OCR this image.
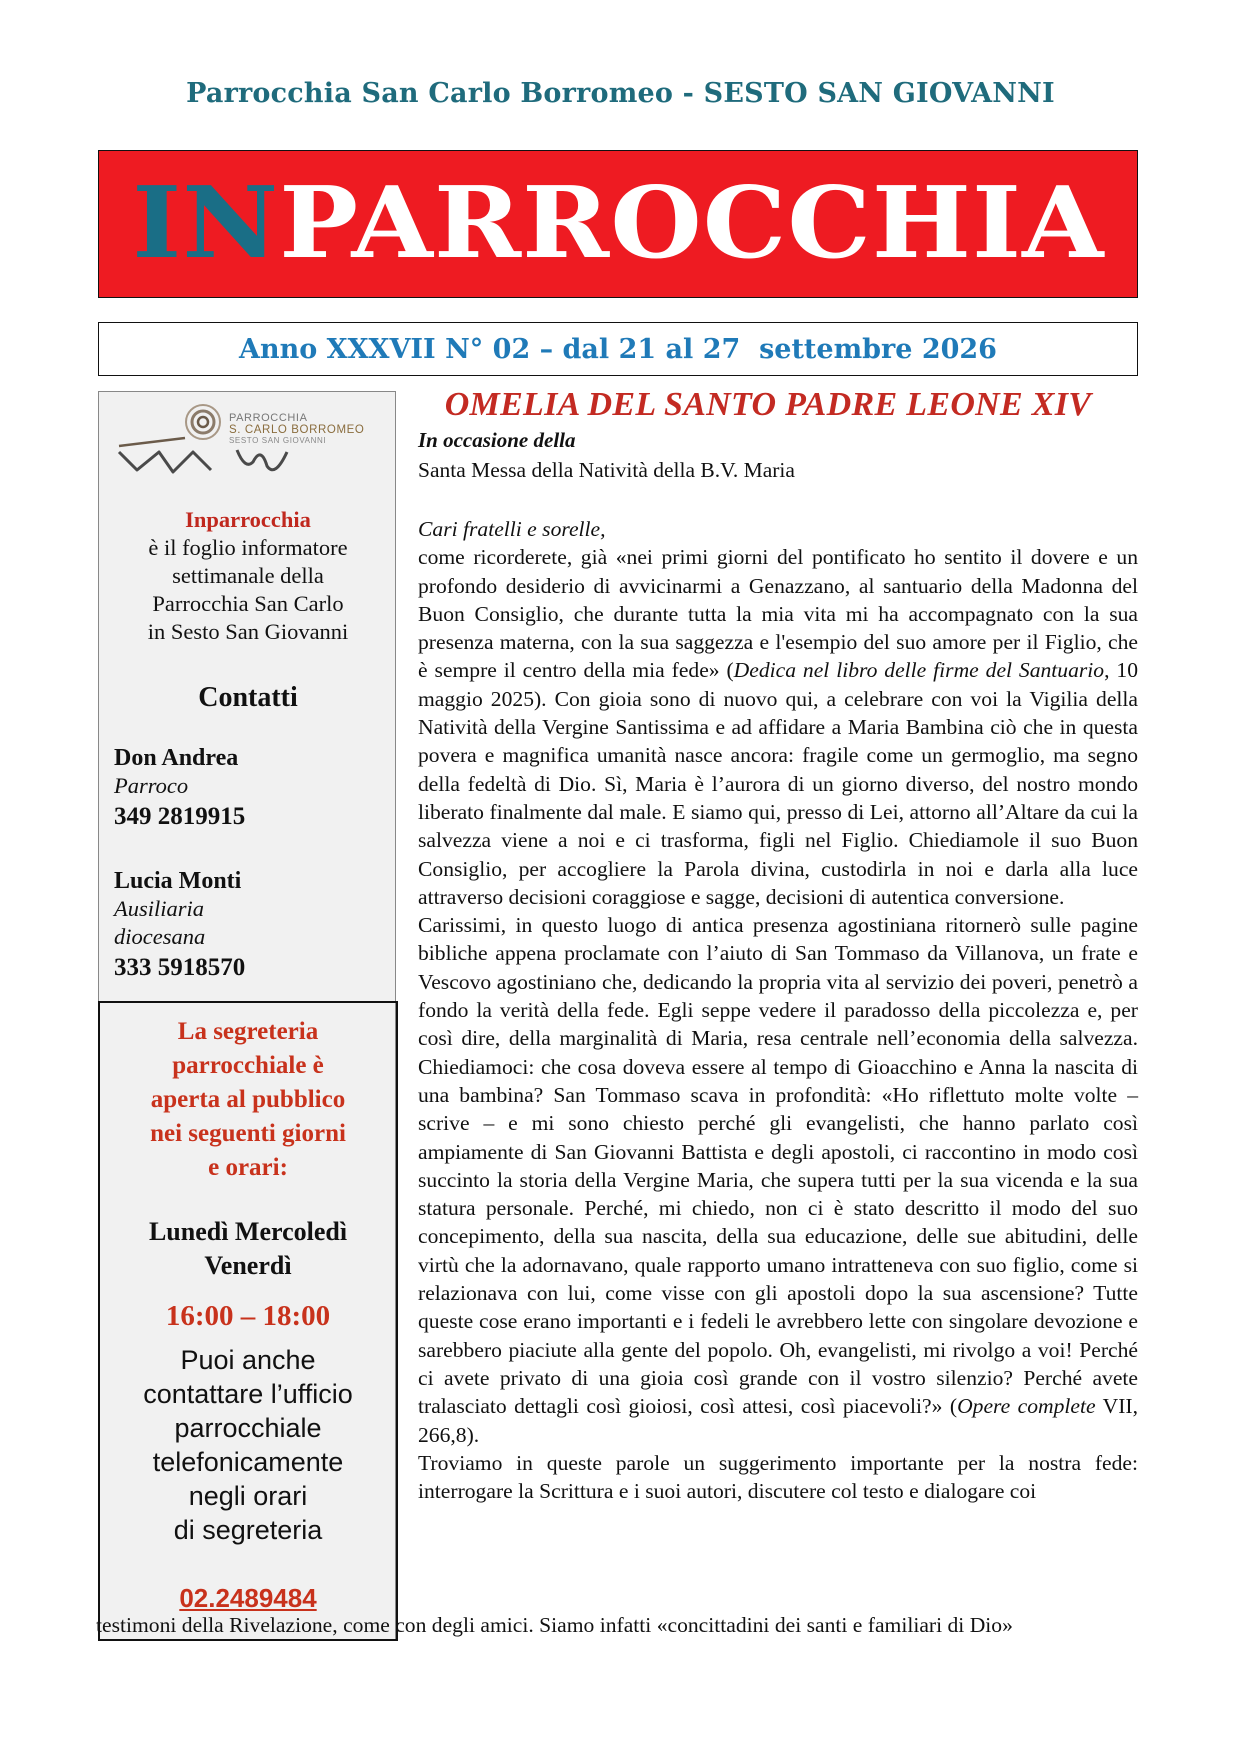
Parrocchia San Carlo Borromeo - SESTO SAN GIOVANNI
INPARROCCHIA
Anno XXXVII N° 02 – dal 21 al 27  settembre 2026
PARROCCHIA
S. CARLO BORROMEO
SESTO SAN GIOVANNI
Inparrocchia
è il foglio informatore
settimanale della
Parrocchia San Carlo
in Sesto San Giovanni
Contatti
Don Andrea
Parroco
349 2819915
Lucia Monti
Ausiliaria
diocesana
333 5918570
La segreteria
parrocchiale è
aperta al pubblico
nei seguenti giorni
e orari:
Lunedì Mercoledì
Venerdì
16:00 – 18:00
Puoi anche
contattare l’ufficio
parrocchiale
telefonicamente
negli orari
di segreteria
02.2489484
OMELIA DEL SANTO PADRE LEONE XIV
In occasione della
Santa Messa della Natività della B.V. Maria

Cari fratelli e sorelle,

come ricorderete, già «nei primi giorni del pontificato ho sentito il dovere e un profondo desiderio di avvicinarmi a Genazzano, al santuario della Madonna del Buon Consiglio, che durante tutta la mia vita mi ha accompagnato con la sua presenza materna, con la sua saggezza e l'esempio del suo amore per il Figlio, che è sempre il centro della mia fede» (Dedica nel libro delle firme del Santuario, 10 maggio 2025). Con gioia sono di nuovo qui, a celebrare con voi la Vigilia della Natività della Vergine Santissima e ad affidare a Maria Bambina ciò che in questa povera e magnifica umanità nasce ancora: fragile come un germoglio, ma segno della fedeltà di Dio. Sì, Maria è l’aurora di un giorno diverso, del nostro mondo liberato finalmente dal male. E siamo qui, presso di Lei, attorno all’Altare da cui la salvezza viene a noi e ci trasforma, figli nel Figlio. Chiediamole il suo Buon Consiglio, per accogliere la Parola divina, custodirla in noi e darla alla luce attraverso decisioni coraggiose e sagge, decisioni di autentica conversione.

Carissimi, in questo luogo di antica presenza agostiniana ritornerò sulle pagine bibliche appena proclamate con l’aiuto di San Tommaso da Villanova, un frate e Vescovo agostiniano che, dedicando la propria vita al servizio dei poveri, penetrò a fondo la verità della fede. Egli seppe vedere il paradosso della piccolezza e, per così dire, della marginalità di Maria, resa centrale nell’economia della salvezza. Chiediamoci: che cosa doveva essere al tempo di Gioacchino e Anna la nascita di una bambina? San Tommaso scava in profondità: «Ho riflettuto molte volte – scrive – e mi sono chiesto perché gli evangelisti, che hanno parlato così ampiamente di San Giovanni Battista e degli apostoli, ci raccontino in modo così succinto la storia della Vergine Maria, che supera tutti per la sua vicenda e la sua statura personale. Perché, mi chiedo, non ci è stato descritto il modo del suo concepimento, della sua nascita, della sua educazione, delle sue abitudini, delle virtù che la adornavano, quale rapporto umano intratteneva con suo figlio, come si relazionava con lui, come visse con gli apostoli dopo la sua ascensione? Tutte queste cose erano importanti e i fedeli le avrebbero lette con singolare devozione e sarebbero piaciute alla gente del popolo. Oh, evangelisti, mi rivolgo a voi! Perché ci avete privato di una gioia così grande con il vostro silenzio? Perché avete tralasciato dettagli così gioiosi, così attesi, così piacevoli?» (Opere complete VII, 266,8).

Troviamo in queste parole un suggerimento importante per la nostra fede: interrogare la Scrittura e i suoi autori, discutere col testo e dialogare coi

testimoni della Rivelazione, come con degli amici. Siamo infatti «concittadini dei santi e familiari di Dio»
